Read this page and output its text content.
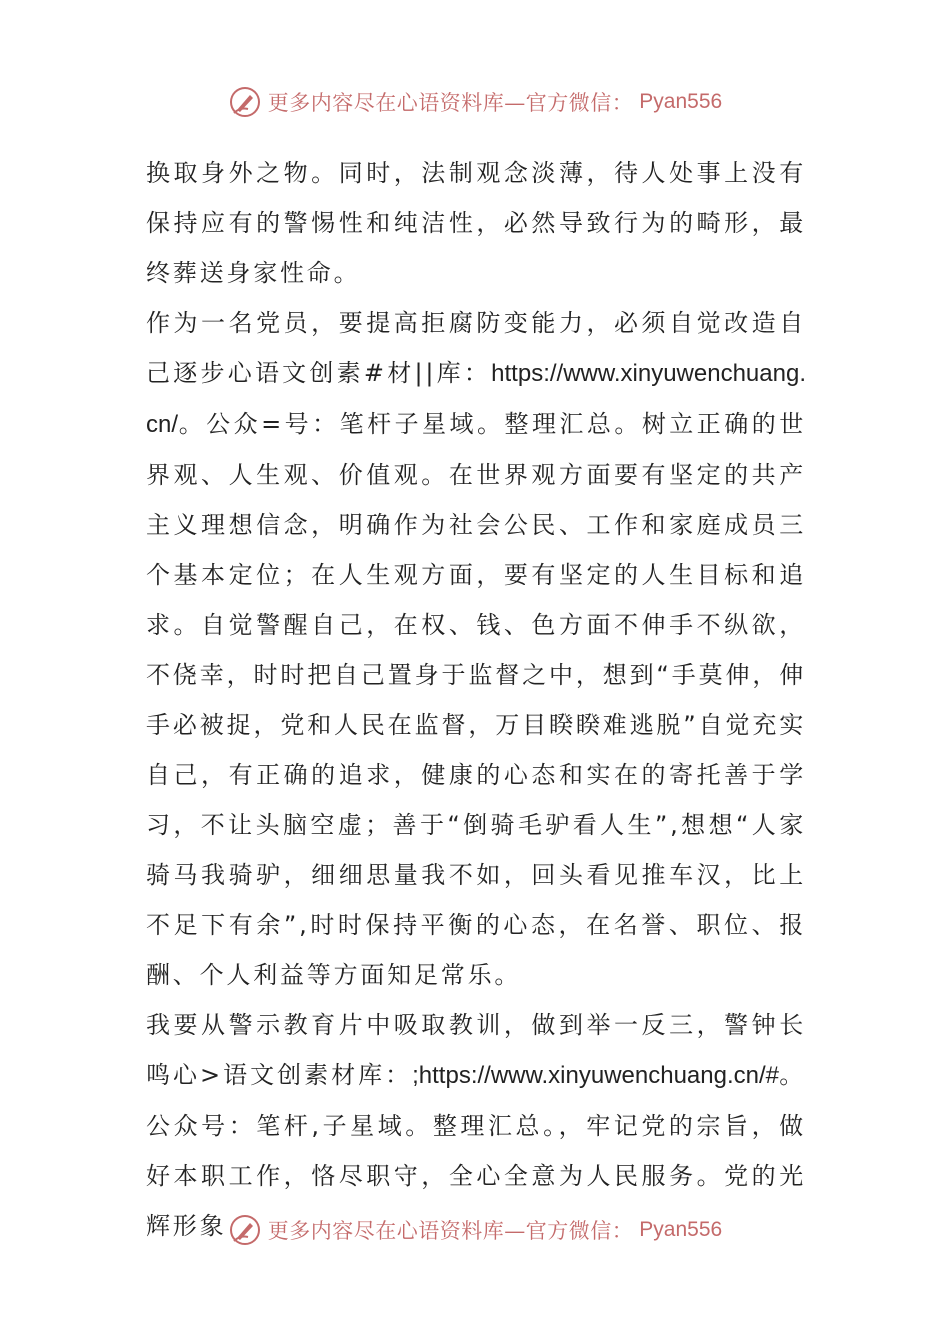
更多内容尽在心语资料库—官方微信： Pyan556

换取身外之物。同时，法制观念淡薄，待人处事上没有保持应有的警惕性和纯洁性，必然导致行为的畸形，最终葬送身家性命。

作为一名党员，要提高拒腐防变能力，必须自觉改造自己逐步心语文创素#材||库：https://www.xinyuwenchuang.cn/。公众=号：笔杆子星域。整理汇总。树立正确的世界观、人生观、价值观。在世界观方面要有坚定的共产主义理想信念，明确作为社会公民、工作和家庭成员三个基本定位；在人生观方面，要有坚定的人生目标和追求。自觉警醒自己，在权、钱、色方面不伸手不纵欲，不侥幸，时时把自己置身于监督之中，想到“手莫伸，伸手必被捉，党和人民在监督，万目睽睽难逃脱”自觉充实自己，有正确的追求，健康的心态和实在的寄托善于学习，不让头脑空虚；善于“倒骑毛驴看人生”,想想“人家骑马我骑驴，细细思量我不如，回头看见推车汉，比上不足下有余”,时时保持平衡的心态，在名誉、职位、报酬、个人利益等方面知足常乐。

我要从警示教育片中吸取教训，做到举一反三，警钟长鸣心>语文创素材库：;https://www.xinyuwenchuang.cn/#。公众号：笔杆,子星域。整理汇总。，牢记党的宗旨，做好本职工作，恪尽职守，全心全意为人民服务。党的光辉形象	更多内容尽在心语资料库—官方微信： Pyan556
